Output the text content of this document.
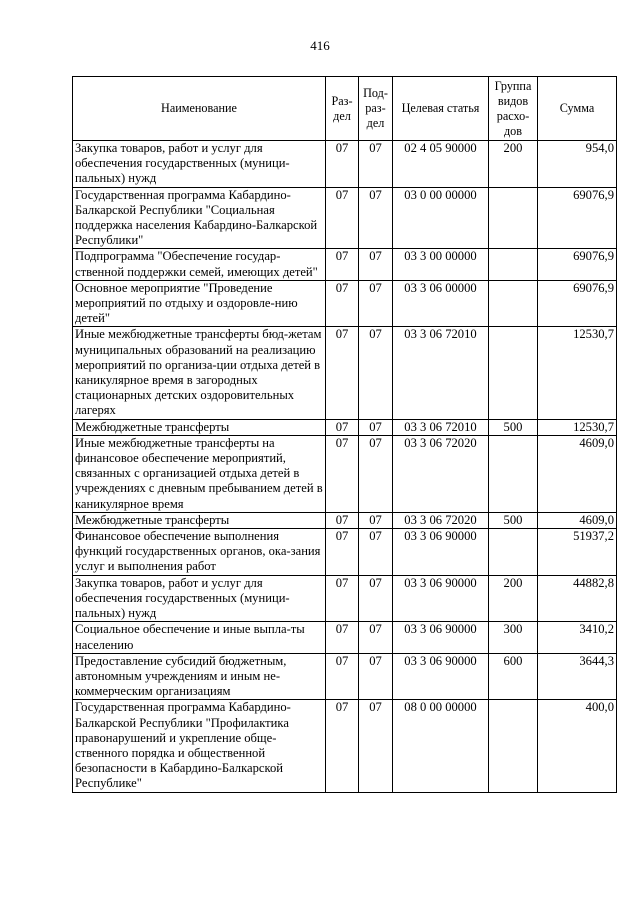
416
Наименование	Раз-дел	Под-раз-дел	Целевая статья	Группа видов расхо-дов	Сумма
Закупка товаров, работ и услуг для обеспечения государственных (муници-пальных) нужд	07	07	02 4 05 90000	200	954,0
Государственная программа Кабардино-Балкарской Республики "Социальная поддержка населения Кабардино-Балкарской Республики"	07	07	03 0 00 00000		69076,9
Подпрограмма "Обеспечение государ-ственной поддержки семей, имеющих детей"	07	07	03 3 00 00000		69076,9
Основное мероприятие "Проведение мероприятий по отдыху и оздоровле-нию детей"	07	07	03 3 06 00000		69076,9
Иные межбюджетные трансферты бюд-жетам муниципальных образований на реализацию мероприятий по организа-ции отдыха детей в каникулярное время в загородных стационарных детских оздоровительных лагерях	07	07	03 3 06 72010		12530,7
Межбюджетные трансферты	07	07	03 3 06 72010	500	12530,7
Иные межбюджетные трансферты на финансовое обеспечение мероприятий, связанных с организацией отдыха детей в учреждениях с дневным пребыванием детей в каникулярное время	07	07	03 3 06 72020		4609,0
Межбюджетные трансферты	07	07	03 3 06 72020	500	4609,0
Финансовое обеспечение выполнения функций государственных органов, ока-зания услуг и выполнения работ	07	07	03 3 06 90000		51937,2
Закупка товаров, работ и услуг для обеспечения государственных (муници-пальных) нужд	07	07	03 3 06 90000	200	44882,8
Социальное обеспечение и иные выпла-ты населению	07	07	03 3 06 90000	300	3410,2
Предоставление субсидий бюджетным, автономным учреждениям и иным не-коммерческим организациям	07	07	03 3 06 90000	600	3644,3
Государственная программа Кабардино-Балкарской Республики "Профилактика правонарушений и укрепление обще-ственного порядка и общественной безопасности в Кабардино-Балкарской Республике"	07	07	08 0 00 00000		400,0
